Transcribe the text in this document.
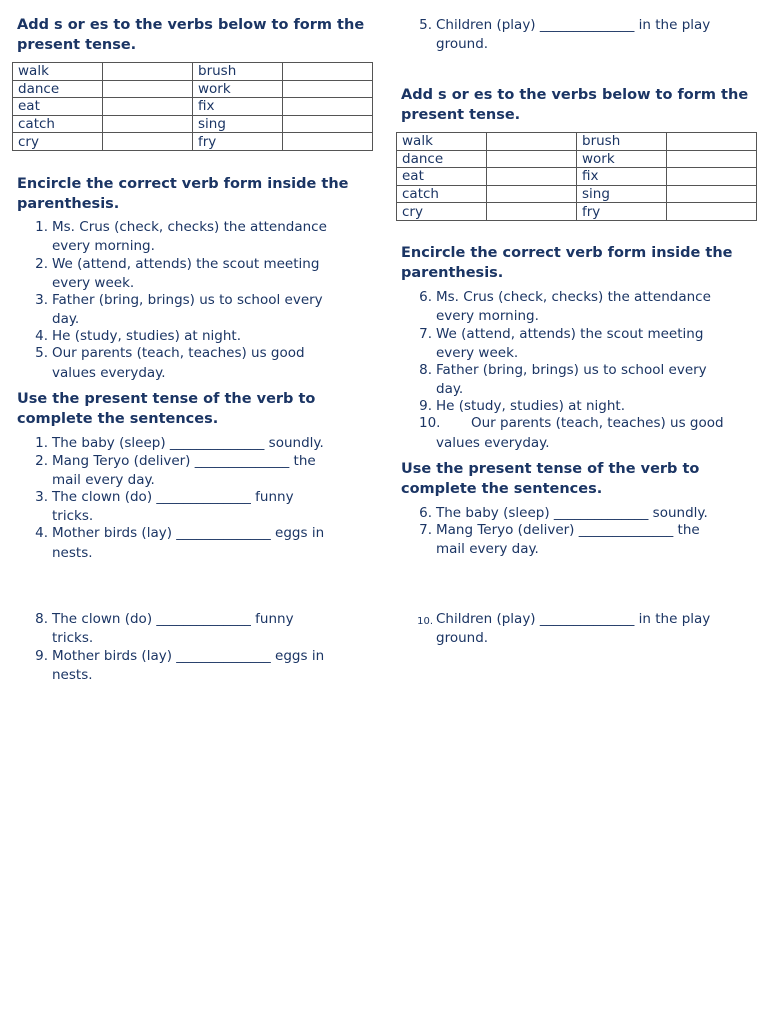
Add s or es to the verbs below to form the present tense.
walk		brush	
dance		work	
eat		fix	
catch		sing	
cry		fry	
Encircle the correct verb form inside the parenthesis.
1. Ms. Crus (check, checks) the attendance
every morning.
2. We (attend, attends) the scout meeting
every week.
3. Father (bring, brings) us to school every
day.
4. He (study, studies) at night.
5. Our parents (teach, teaches) us good
values everyday.
Use the present tense of the verb to complete the sentences.
1. The baby (sleep) ______________ soundly.
2. Mang Teryo (deliver) ______________ the
mail every day.
3. The clown (do) ______________ funny
tricks.
4. Mother birds (lay) ______________ eggs in
nests.
8. The clown (do) ______________ funny
tricks.
9. Mother birds (lay) ______________ eggs in
nests.
5. Children (play) ______________ in the play
ground.
Add s or es to the verbs below to form the present tense.
walk		brush	
dance		work	
eat		fix	
catch		sing	
cry		fry	
Encircle the correct verb form inside the parenthesis.
6. Ms. Crus (check, checks) the attendance
every morning.
7. We (attend, attends) the scout meeting
every week.
8. Father (bring, brings) us to school every
day.
9. He (study, studies) at night.
10.	Our parents (teach, teaches) us good
values everyday.
Use the present tense of the verb to complete the sentences.
6. The baby (sleep) ______________ soundly.
7. Mang Teryo (deliver) ______________ the
mail every day.
10. Children (play) ______________ in the play
ground.
